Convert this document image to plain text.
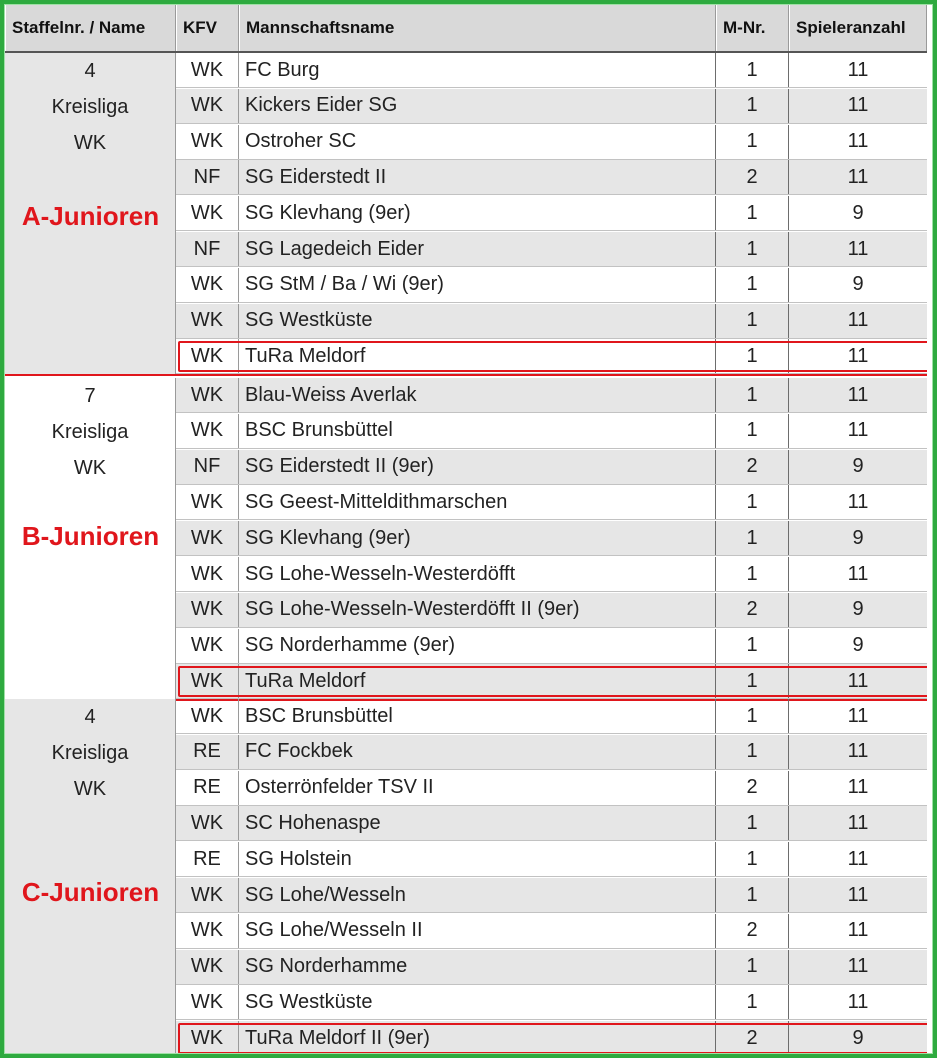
Staffelnr. / Name	KFV	Mannschaftsname	M-Nr.	Spieleranzahl
4
Kreisliga
WK
A-Junioren
WK	FC Burg	1	11
WK	Kickers Eider SG	1	11
WK	Ostroher SC	1	11
NF	SG Eiderstedt II	2	11
WK	SG Klevhang (9er)	1	9
NF	SG Lagedeich Eider	1	11
WK	SG StM / Ba / Wi (9er)	1	9
WK	SG Westküste	1	11
WK	TuRa Meldorf	1	11
7
Kreisliga
WK
B-Junioren
WK	Blau-Weiss Averlak	1	11
WK	BSC Brunsbüttel	1	11
NF	SG Eiderstedt II (9er)	2	9
WK	SG Geest-Mitteldithmarschen	1	11
WK	SG Klevhang (9er)	1	9
WK	SG Lohe-Wesseln-Westerdöfft	1	11
WK	SG Lohe-Wesseln-Westerdöfft II (9er)	2	9
WK	SG Norderhamme (9er)	1	9
WK	TuRa Meldorf	1	11
4
Kreisliga
WK
C-Junioren
WK	BSC Brunsbüttel	1	11
RE	FC Fockbek	1	11
RE	Osterrönfelder TSV II	2	11
WK	SC Hohenaspe	1	11
RE	SG Holstein	1	11
WK	SG Lohe/Wesseln	1	11
WK	SG Lohe/Wesseln II	2	11
WK	SG Norderhamme	1	11
WK	SG Westküste	1	11
WK	TuRa Meldorf II (9er)	2	9
